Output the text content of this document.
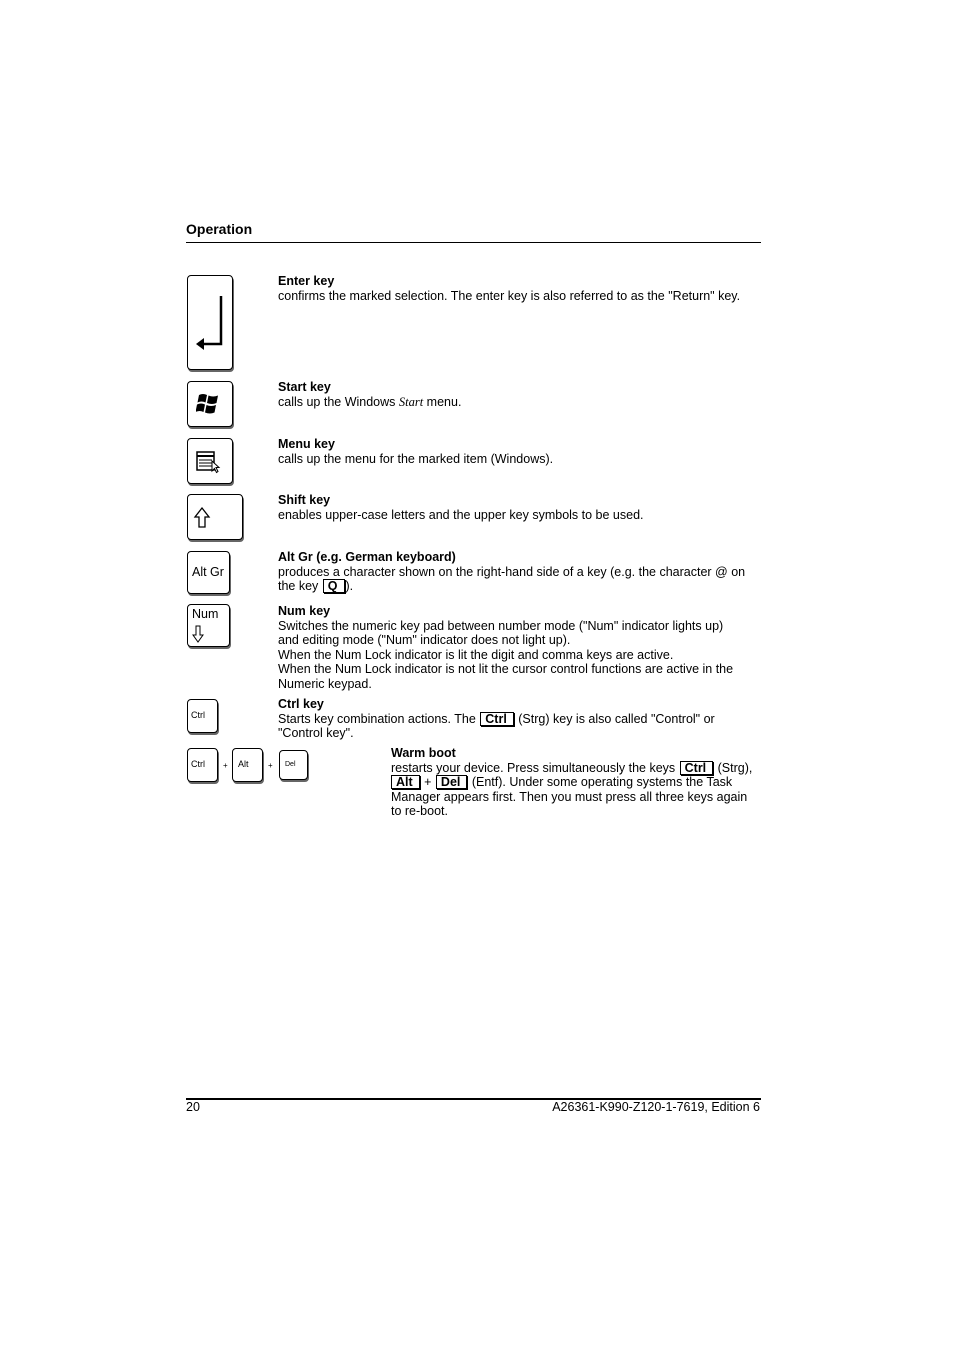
Operation
Enter key
confirms the marked selection. The enter key is also referred to as the "Return" key.
Start key
calls up the Windows Start menu.
Menu key
calls up the menu for the marked item (Windows).
Shift key
enables upper-case letters and the upper key symbols to be used.
Alt Gr
Alt Gr (e.g. German keyboard)
produces a character shown on the right-hand side of a key (e.g. the character @ on
the key Q ).
Num	Num key
Switches the numeric key pad between number mode ("Num" indicator lights up)
and editing mode ("Num" indicator does not light up).
When the Num Lock indicator is lit the digit and comma keys are active.
When the Num Lock indicator is not lit the cursor control functions are active in the
Numeric keypad.
Ctrl
Ctrl key
Starts key combination actions. The Ctrl (Strg) key is also called "Control" or
"Control key".
Ctrl + Alt + Del
Warm boot
restarts your device. Press simultaneously the keys Ctrl (Strg),
Alt + Del (Entf). Under some operating systems the Task
Manager appears first. Then you must press all three keys again
to re-boot.
20	A26361-K990-Z120-1-7619, Edition 6
